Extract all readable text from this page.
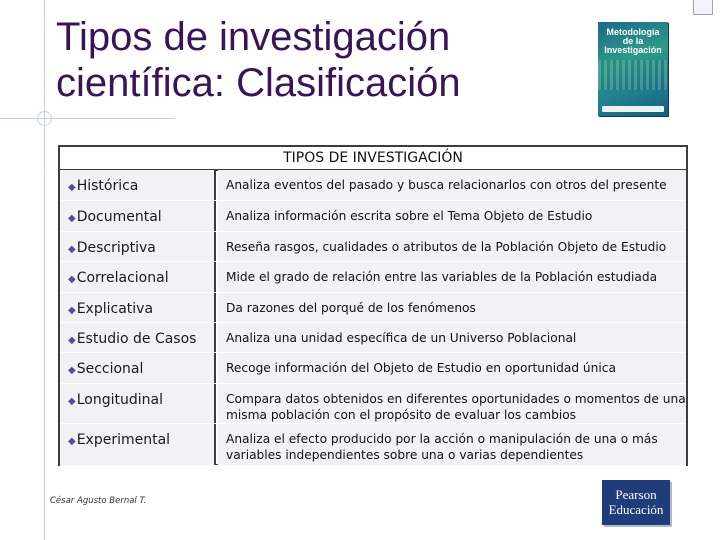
Tipos de investigación
científica: Clasificación
Metodología de la Investigación
TIPOS DE INVESTIGACIÓN
◆Histórica	Analiza eventos del pasado y busca relacionarlos con otros del presente
◆Documental	Analiza información escrita sobre el Tema Objeto de Estudio
◆Descriptiva	Reseña rasgos, cualidades o atributos de la Población Objeto de Estudio
◆Correlacional	Mide el grado de relación entre las variables de la Población estudiada
◆Explicativa	Da razones del porqué de los fenómenos
◆Estudio de Casos	Analiza una unidad específica de un Universo Poblacional
◆Seccional	Recoge información del Objeto de Estudio en oportunidad única
◆Longitudinal	Compara datos obtenidos en diferentes oportunidades o momentos de una misma población con el propósito de evaluar los cambios
◆Experimental	Analiza el efecto producido por la acción o manipulación de una o más variables independientes sobre una o varias dependientes
César Agusto Bernal T.	Pearson
Educación
